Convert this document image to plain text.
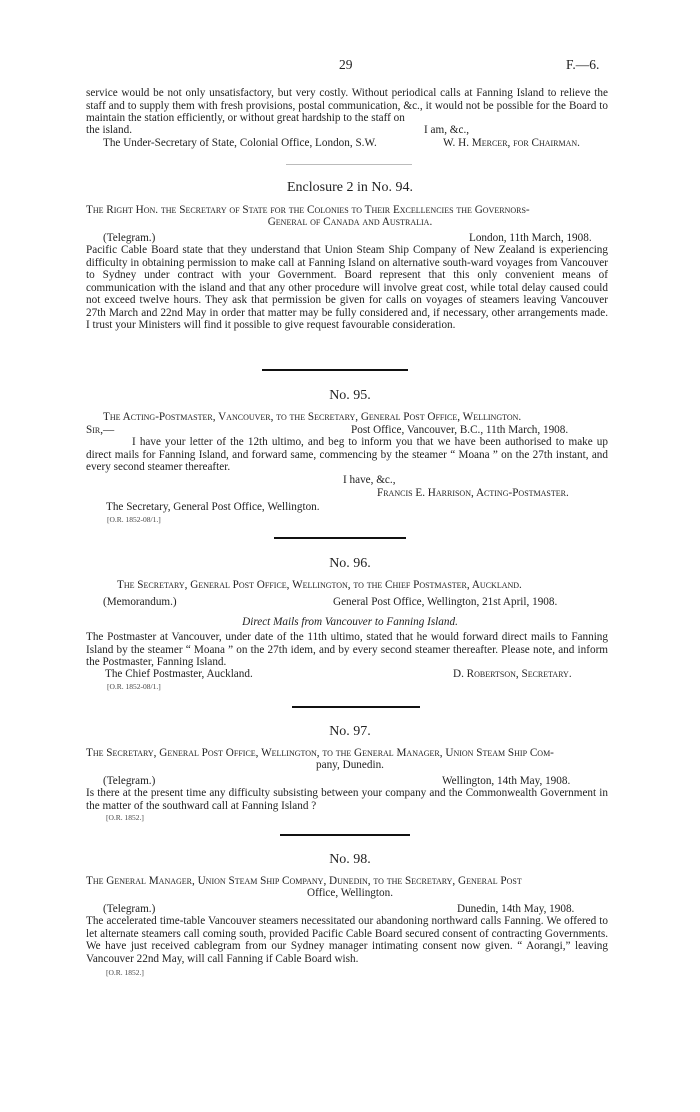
29	F.—6.
service would be not only unsatisfactory, but very costly. Without periodical calls at Fanning Island to relieve the staff and to supply them with fresh provisions, postal communication, &c., it would not be possible for the Board to maintain the station efficiently, or without great hardship to the staff on
the island.	I am, &c.,
The Under-Secretary of State, Colonial Office, London, S.W.	W. H. Mercer, for Chairman.
Enclosure 2 in No. 94.
The Right Hon. the Secretary of State for the Colonies to Their Excellencies the Governors-
General of Canada and Australia.
(Telegram.)	London, 11th March, 1908.
Pacific Cable Board state that they understand that Union Steam Ship Company of New Zealand is experiencing difficulty in obtaining permission to make call at Fanning Island on alternative south-ward voyages from Vancouver to Sydney under contract with your Government. Board represent that this only convenient means of communication with the island and that any other procedure will involve great cost, while total delay caused could not exceed twelve hours. They ask that permission be given for calls on voyages of steamers leaving Vancouver 27th March and 22nd May in order that matter may be fully considered and, if necessary, other arrangements made. I trust your Ministers will find it possible to give request favourable consideration.
No. 95.
The Acting-Postmaster, Vancouver, to the Secretary, General Post Office, Wellington.
Sir,—	Post Office, Vancouver, B.C., 11th March, 1908.
I have your letter of the 12th ultimo, and beg to inform you that we have been authorised to make up direct mails for Fanning Island, and forward same, commencing by the steamer “ Moana ” on the 27th instant, and every second steamer thereafter.
I have, &c.,
Francis E. Harrison, Acting-Postmaster.
The Secretary, General Post Office, Wellington.
[O.R. 1852-08/1.]
No. 96.
The Secretary, General Post Office, Wellington, to the Chief Postmaster, Auckland.
(Memorandum.)	General Post Office, Wellington, 21st April, 1908.
Direct Mails from Vancouver to Fanning Island.
The Postmaster at Vancouver, under date of the 11th ultimo, stated that he would forward direct mails to Fanning Island by the steamer “ Moana ” on the 27th idem, and by every second steamer thereafter. Please note, and inform the Postmaster, Fanning Island.
The Chief Postmaster, Auckland.	D. Robertson, Secretary.
[O.R. 1852-08/1.]
No. 97.
The Secretary, General Post Office, Wellington, to the General Manager, Union Steam Ship Com-
pany, Dunedin.
(Telegram.)	Wellington, 14th May, 1908.
Is there at the present time any difficulty subsisting between your company and the Commonwealth Government in the matter of the southward call at Fanning Island ?
[O.R. 1852.]
No. 98.
The General Manager, Union Steam Ship Company, Dunedin, to the Secretary, General Post
Office, Wellington.
(Telegram.)	Dunedin, 14th May, 1908.
The accelerated time-table Vancouver steamers necessitated our abandoning northward calls Fanning. We offered to let alternate steamers call coming south, provided Pacific Cable Board secured consent of contracting Governments. We have just received cablegram from our Sydney manager intimating consent now given. “ Aorangi,” leaving Vancouver 22nd May, will call Fanning if Cable Board wish.
[O.R. 1852.]
